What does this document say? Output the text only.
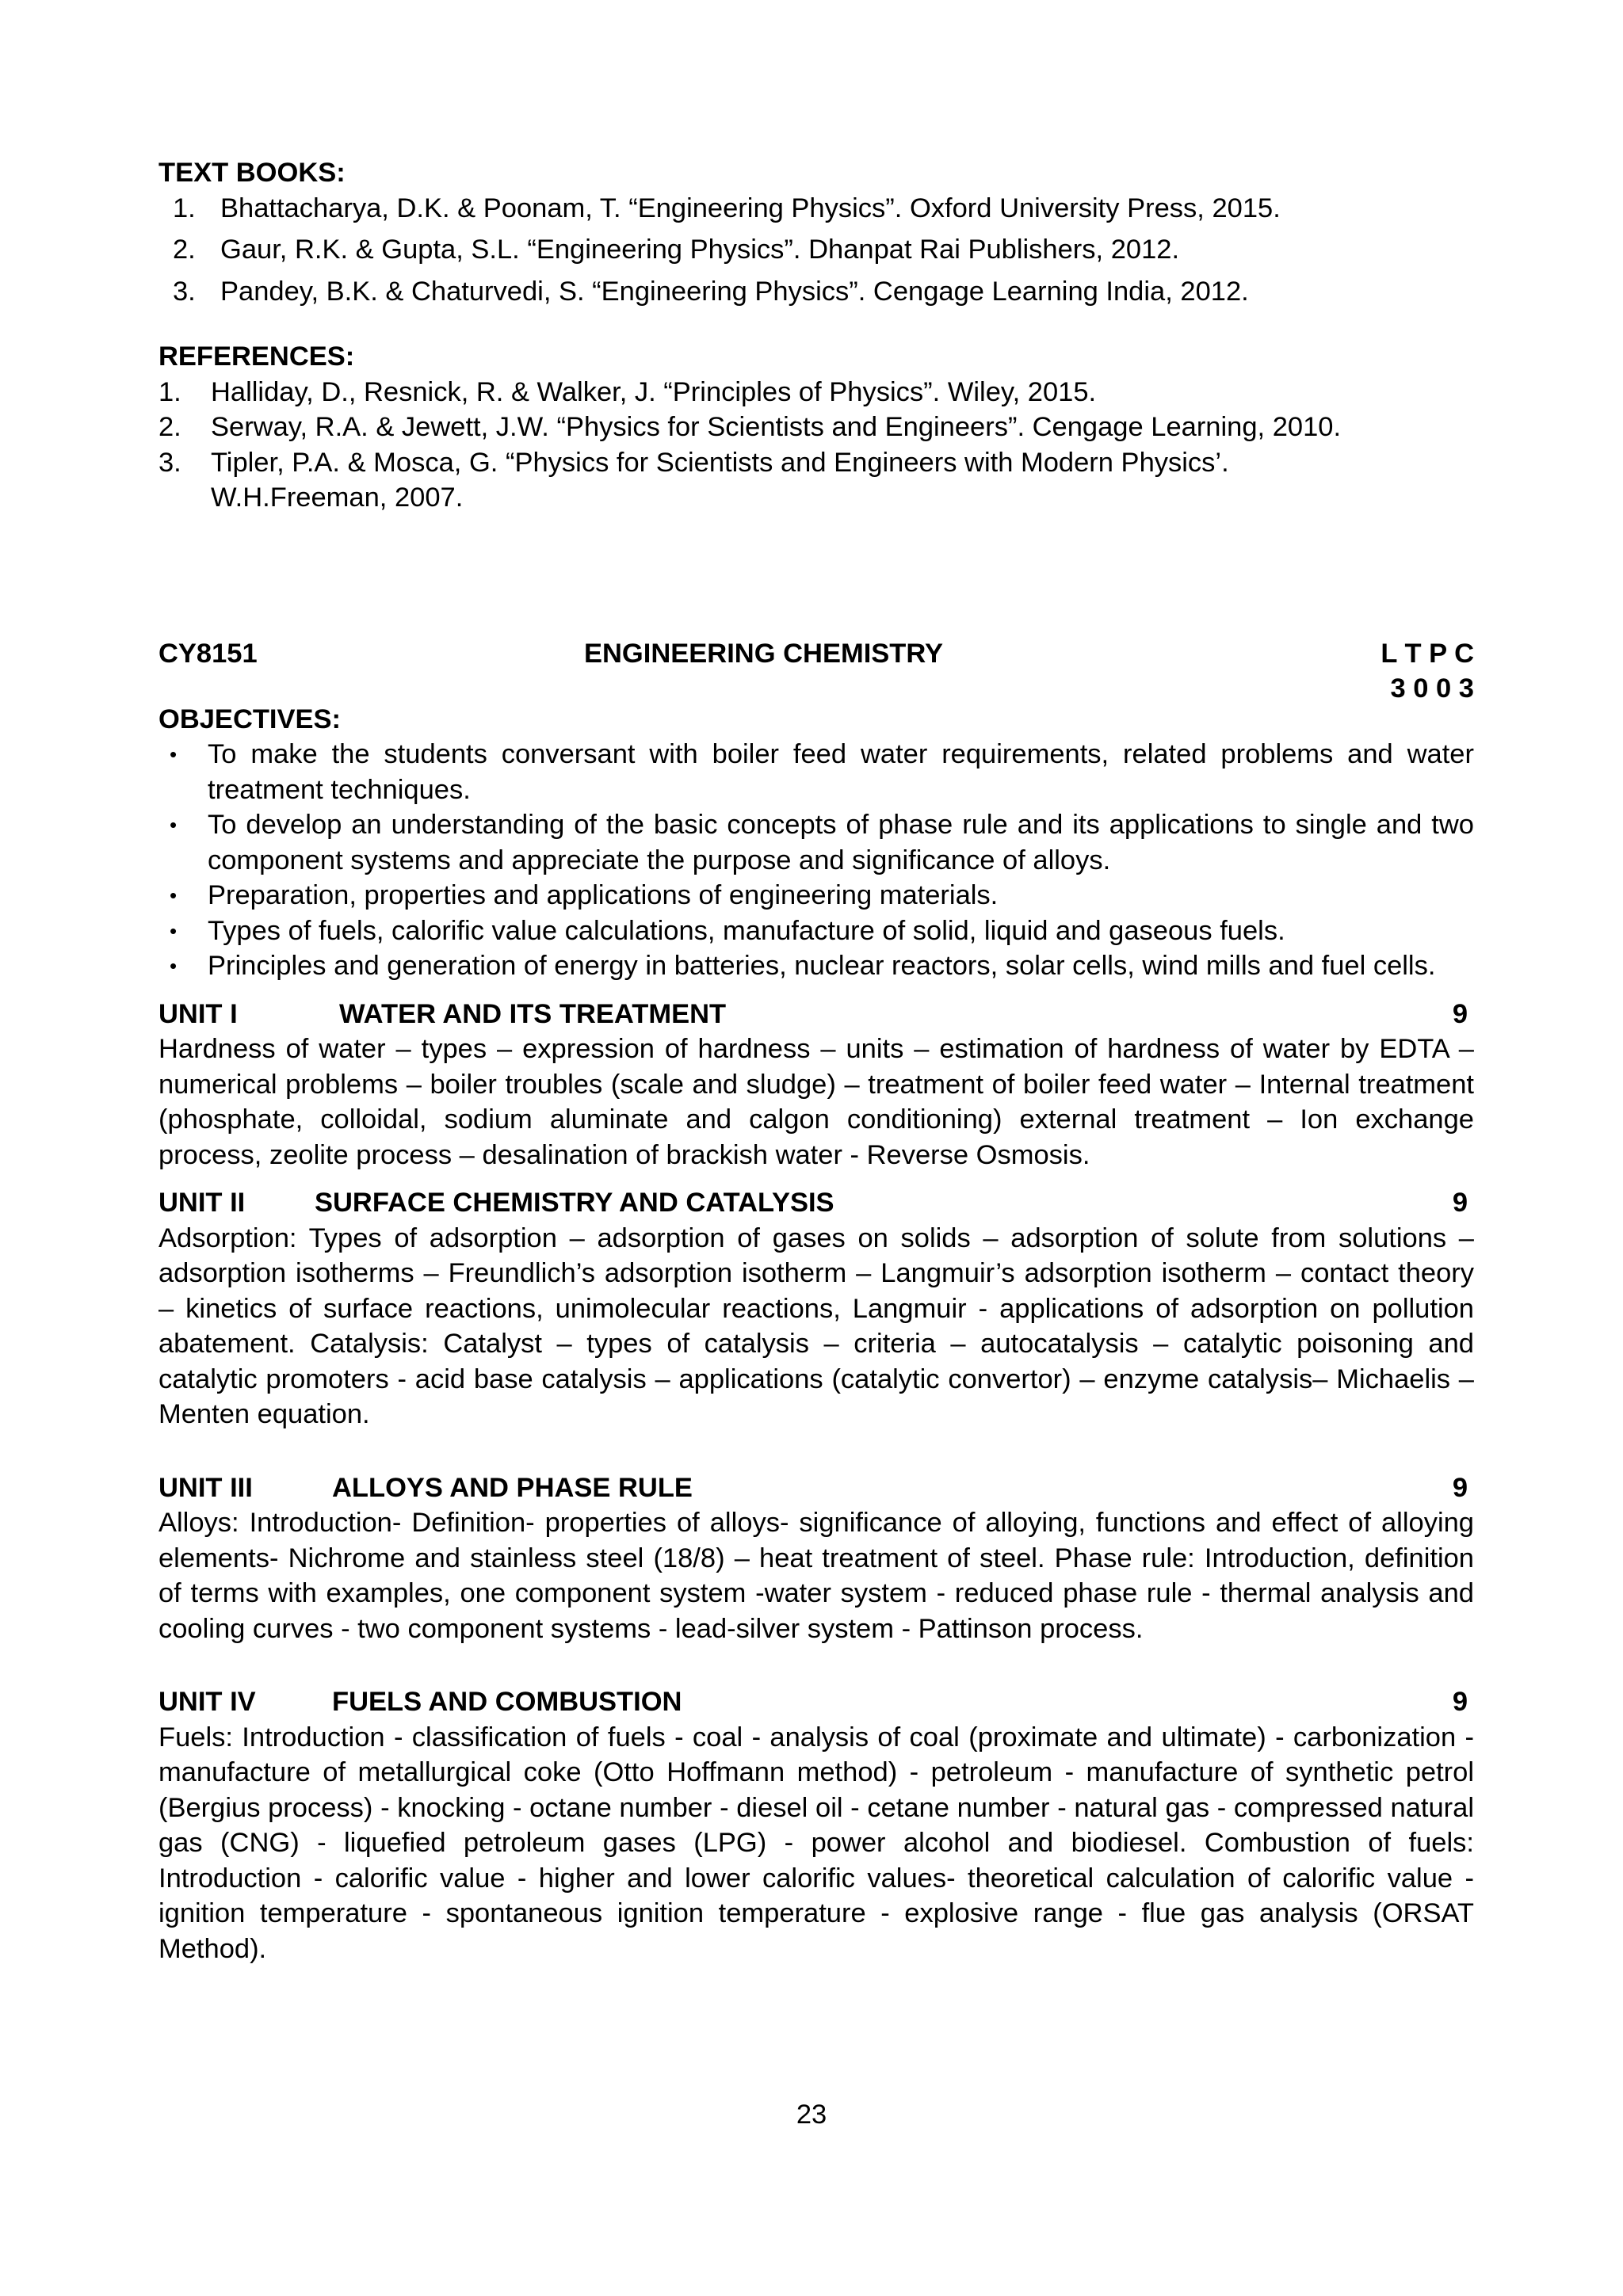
TEXT BOOKS:
1. Bhattacharya, D.K. & Poonam, T. “Engineering Physics”. Oxford University Press, 2015.
2. Gaur, R.K. & Gupta, S.L. “Engineering Physics”. Dhanpat Rai Publishers, 2012.
3. Pandey, B.K. & Chaturvedi, S. “Engineering Physics”. Cengage Learning India, 2012.
REFERENCES:
1.	Halliday, D., Resnick, R. & Walker, J. “Principles of Physics”. Wiley, 2015.
2.	Serway, R.A. & Jewett, J.W. “Physics for Scientists and Engineers”. Cengage Learning, 2010.
3.	Tipler, P.A. & Mosca, G. “Physics for Scientists and Engineers with Modern Physics’. W.H.Freeman, 2007.
CY8151	ENGINEERING CHEMISTRY	L T P C
3 0 0 3
OBJECTIVES:
•	To make the students conversant with boiler feed water requirements, related problems and water treatment techniques.
•	To develop an understanding of the basic concepts of phase rule and its applications to single and two component systems and appreciate the purpose and significance of alloys.
•	Preparation, properties and applications of engineering materials.
•	Types of fuels, calorific value calculations, manufacture of solid, liquid and gaseous fuels.
•	Principles and generation of energy in batteries, nuclear reactors, solar cells, wind mills and fuel cells.
UNIT I	WATER AND ITS TREATMENT	9
Hardness of water – types – expression of hardness – units – estimation of hardness of water by EDTA – numerical problems – boiler troubles (scale and sludge) – treatment of boiler feed water – Internal treatment (phosphate, colloidal, sodium aluminate and calgon conditioning) external treatment – Ion exchange process, zeolite process – desalination of brackish water - Reverse Osmosis.
UNIT II	SURFACE CHEMISTRY AND CATALYSIS	9
Adsorption: Types of adsorption – adsorption of gases on solids – adsorption of solute from solutions – adsorption isotherms – Freundlich’s adsorption isotherm – Langmuir’s adsorption isotherm – contact theory – kinetics of surface reactions, unimolecular reactions, Langmuir - applications of adsorption on pollution abatement. Catalysis: Catalyst – types of catalysis – criteria – autocatalysis – catalytic poisoning and catalytic promoters - acid base catalysis – applications (catalytic convertor) – enzyme catalysis– Michaelis – Menten equation.
UNIT III	ALLOYS AND PHASE RULE	9
Alloys: Introduction- Definition- properties of alloys- significance of alloying, functions and effect of alloying elements- Nichrome and stainless steel (18/8) – heat treatment of steel. Phase rule: Introduction, definition of terms with examples, one component system -water system - reduced phase rule - thermal analysis and cooling curves - two component systems - lead-silver system - Pattinson process.
UNIT IV	FUELS AND COMBUSTION	9
Fuels: Introduction - classification of fuels - coal - analysis of coal (proximate and ultimate) - carbonization - manufacture of metallurgical coke (Otto Hoffmann method) - petroleum - manufacture of synthetic petrol (Bergius process) - knocking - octane number - diesel oil - cetane number - natural gas - compressed natural gas (CNG) - liquefied petroleum gases (LPG) - power alcohol and biodiesel. Combustion of fuels: Introduction - calorific value - higher and lower calorific values- theoretical calculation of calorific value - ignition temperature - spontaneous ignition temperature - explosive range - flue gas analysis (ORSAT Method).
23
